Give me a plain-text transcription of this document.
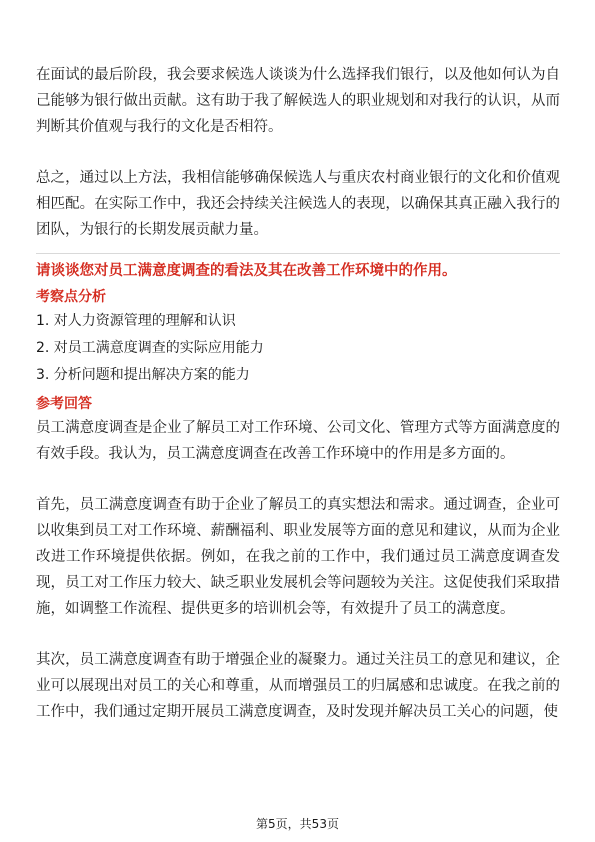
在面试的最后阶段，我会要求候选人谈谈为什么选择我们银行，以及他如何认为自己能够为银行做出贡献。这有助于我了解候选人的职业规划和对我行的认识，从而判断其价值观与我行的文化是否相符。

总之，通过以上方法，我相信能够确保候选人与重庆农村商业银行的文化和价值观相匹配。在实际工作中，我还会持续关注候选人的表现，以确保其真正融入我行的团队，为银行的长期发展贡献力量。

请谈谈您对员工满意度调查的看法及其在改善工作环境中的作用。

考察点分析

1. 对人力资源管理的理解和认识
2. 对员工满意度调查的实际应用能力
3. 分析问题和提出解决方案的能力

参考回答

员工满意度调查是企业了解员工对工作环境、公司文化、管理方式等方面满意度的有效手段。我认为，员工满意度调查在改善工作环境中的作用是多方面的。

首先，员工满意度调查有助于企业了解员工的真实想法和需求。通过调查，企业可以收集到员工对工作环境、薪酬福利、职业发展等方面的意见和建议，从而为企业改进工作环境提供依据。例如，在我之前的工作中，我们通过员工满意度调查发现，员工对工作压力较大、缺乏职业发展机会等问题较为关注。这促使我们采取措施，如调整工作流程、提供更多的培训机会等，有效提升了员工的满意度。

其次，员工满意度调查有助于增强企业的凝聚力。通过关注员工的意见和建议，企业可以展现出对员工的关心和尊重，从而增强员工的归属感和忠诚度。在我之前的工作中，我们通过定期开展员工满意度调查，及时发现并解决员工关心的问题，使

第5页，共53页
